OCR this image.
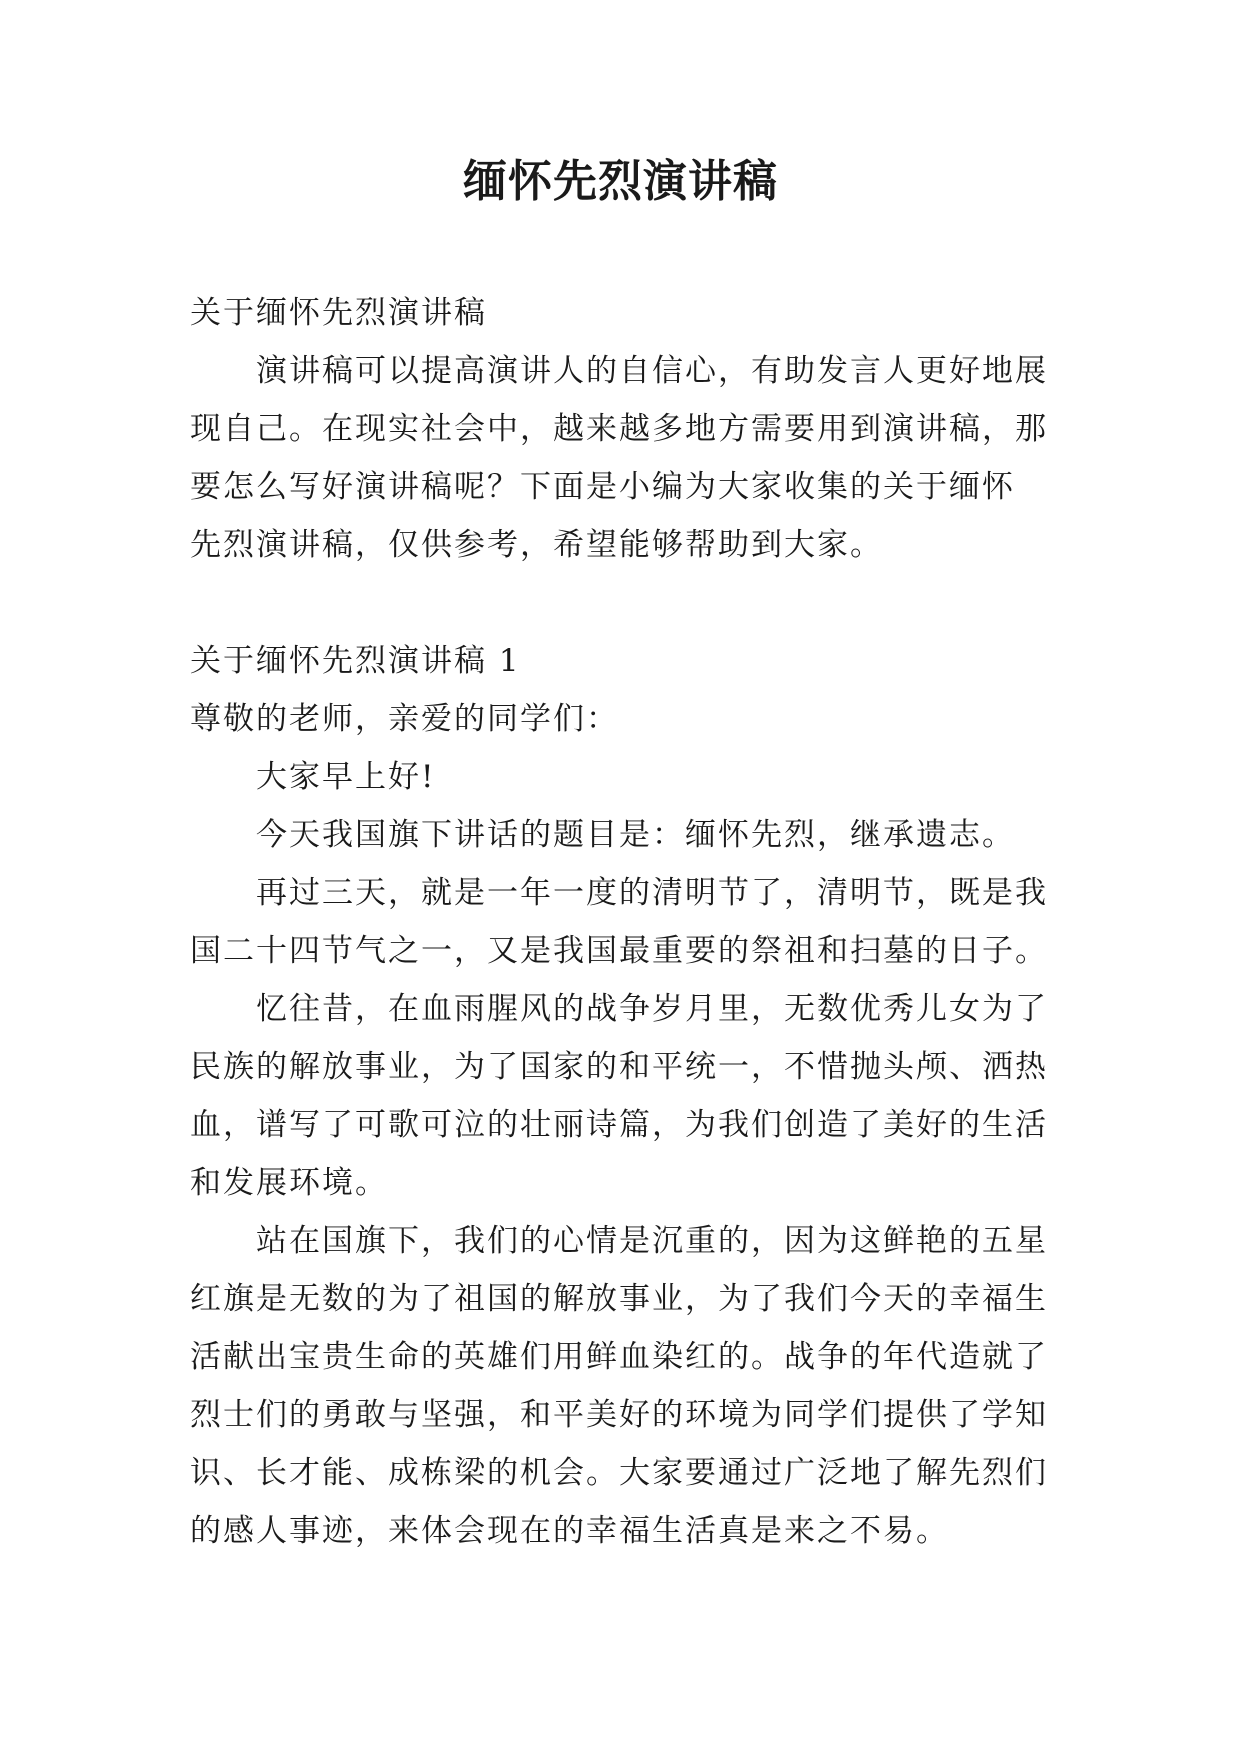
缅怀先烈演讲稿
关于缅怀先烈演讲稿
演讲稿可以提高演讲人的自信心，有助发言人更好地展
现自己。在现实社会中，越来越多地方需要用到演讲稿，那
要怎么写好演讲稿呢？下面是小编为大家收集的关于缅怀
先烈演讲稿，仅供参考，希望能够帮助到大家。
关于缅怀先烈演讲稿 1
尊敬的老师，亲爱的同学们：
大家早上好!
今天我国旗下讲话的题目是：缅怀先烈，继承遗志。
再过三天，就是一年一度的清明节了，清明节，既是我
国二十四节气之一，又是我国最重要的祭祖和扫墓的日子。
忆往昔，在血雨腥风的战争岁月里，无数优秀儿女为了
民族的解放事业，为了国家的和平统一，不惜抛头颅、洒热
血，谱写了可歌可泣的壮丽诗篇，为我们创造了美好的生活
和发展环境。
站在国旗下，我们的心情是沉重的，因为这鲜艳的五星
红旗是无数的为了祖国的解放事业，为了我们今天的幸福生
活献出宝贵生命的英雄们用鲜血染红的。战争的年代造就了
烈士们的勇敢与坚强，和平美好的环境为同学们提供了学知
识、长才能、成栋梁的机会。大家要通过广泛地了解先烈们
的感人事迹，来体会现在的幸福生活真是来之不易。
